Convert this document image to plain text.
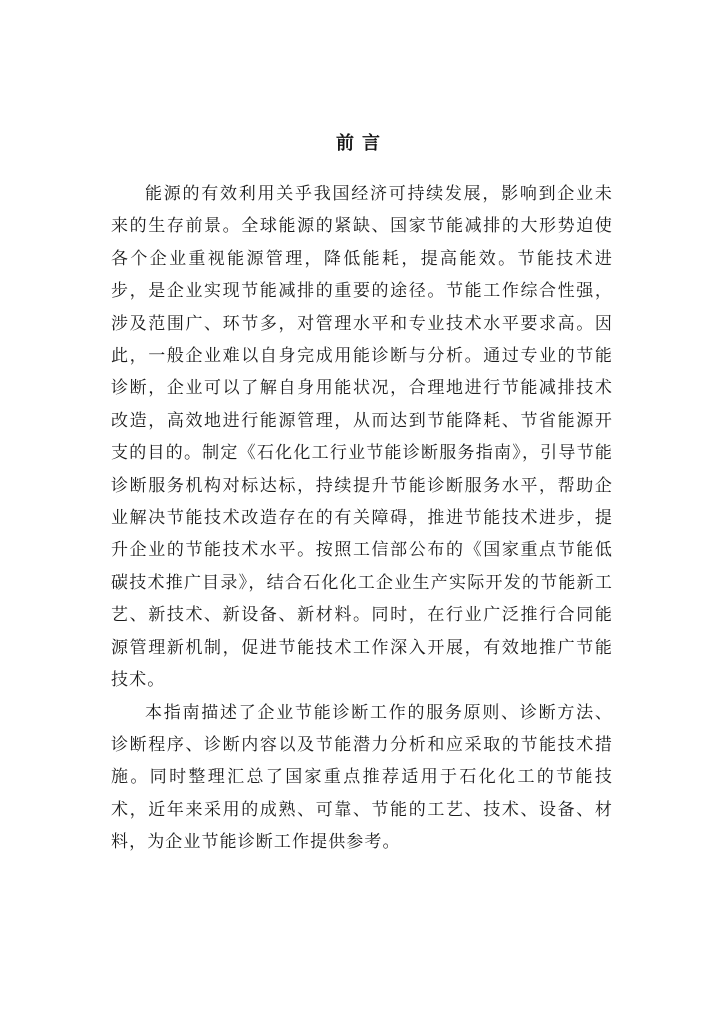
前言

能源的有效利用关乎我国经济可持续发展，影响到企业未来的生存前景。全球能源的紧缺、国家节能减排的大形势迫使各个企业重视能源管理，降低能耗，提高能效。节能技术进步，是企业实现节能减排的重要的途径。节能工作综合性强，涉及范围广、环节多，对管理水平和专业技术水平要求高。因此，一般企业难以自身完成用能诊断与分析。通过专业的节能诊断，企业可以了解自身用能状况，合理地进行节能减排技术改造，高效地进行能源管理，从而达到节能降耗、节省能源开支的目的。制定《石化化工行业节能诊断服务指南》，引导节能诊断服务机构对标达标，持续提升节能诊断服务水平，帮助企业解决节能技术改造存在的有关障碍，推进节能技术进步，提升企业的节能技术水平。按照工信部公布的《国家重点节能低碳技术推广目录》，结合石化化工企业生产实际开发的节能新工艺、新技术、新设备、新材料。同时，在行业广泛推行合同能源管理新机制，促进节能技术工作深入开展，有效地推广节能技术。

本指南描述了企业节能诊断工作的服务原则、诊断方法、诊断程序、诊断内容以及节能潜力分析和应采取的节能技术措施。同时整理汇总了国家重点推荐适用于石化化工的节能技术，近年来采用的成熟、可靠、节能的工艺、技术、设备、材料，为企业节能诊断工作提供参考。
